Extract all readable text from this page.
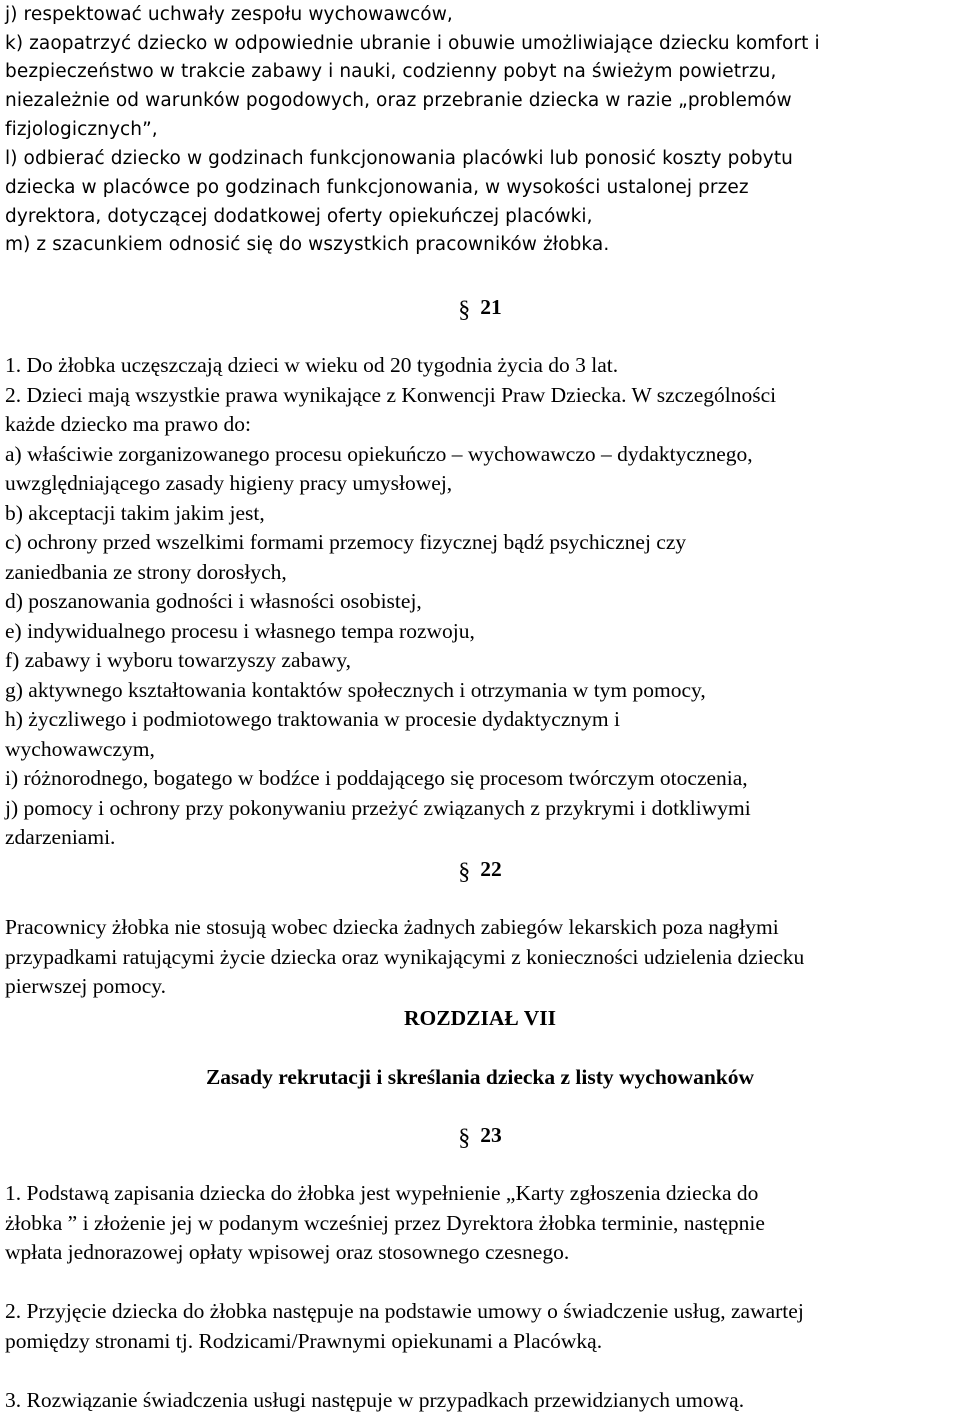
j) respektować uchwały zespołu wychowawców,
k) zaopatrzyć dziecko w odpowiednie ubranie i obuwie umożliwiające dziecku komfort i
bezpieczeństwo w trakcie zabawy i nauki, codzienny pobyt na świeżym powietrzu,
niezależnie od warunków pogodowych, oraz przebranie dziecka w razie „problemów
fizjologicznych”,
l) odbierać dziecko w godzinach funkcjonowania placówki lub ponosić koszty pobytu
dziecka w placówce po godzinach funkcjonowania, w wysokości ustalonej przez
dyrektora, dotyczącej dodatkowej oferty opiekuńczej placówki,
m) z szacunkiem odnosić się do wszystkich pracowników żłobka.
§ 21
1. Do żłobka uczęszczają dzieci w wieku od 20 tygodnia życia do 3 lat.
2. Dzieci mają wszystkie prawa wynikające z Konwencji Praw Dziecka. W szczególności
każde dziecko ma prawo do:
a) właściwie zorganizowanego procesu opiekuńczo – wychowawczo – dydaktycznego,
uwzględniającego zasady higieny pracy umysłowej,
b) akceptacji takim jakim jest,
c) ochrony przed wszelkimi formami przemocy fizycznej bądź psychicznej czy
zaniedbania ze strony dorosłych,
d) poszanowania godności i własności osobistej,
e) indywidualnego procesu i własnego tempa rozwoju,
f) zabawy i wyboru towarzyszy zabawy,
g) aktywnego kształtowania kontaktów społecznych i otrzymania w tym pomocy,
h) życzliwego i podmiotowego traktowania w procesie dydaktycznym i
wychowawczym,
i) różnorodnego, bogatego w bodźce i poddającego się procesom twórczym otoczenia,
j) pomocy i ochrony przy pokonywaniu przeżyć związanych z przykrymi i dotkliwymi
zdarzeniami.
§ 22
Pracownicy żłobka nie stosują wobec dziecka żadnych zabiegów lekarskich poza nagłymi
przypadkami ratującymi życie dziecka oraz wynikającymi z konieczności udzielenia dziecku
pierwszej pomocy.
ROZDZIAŁ VII
Zasady rekrutacji i skreślania dziecka z listy wychowanków
§ 23
1. Podstawą zapisania dziecka do żłobka jest wypełnienie „Karty zgłoszenia dziecka do
żłobka ” i złożenie jej w podanym wcześniej przez Dyrektora żłobka terminie, następnie
wpłata jednorazowej opłaty wpisowej oraz stosownego czesnego.
2. Przyjęcie dziecka do żłobka następuje na podstawie umowy o świadczenie usług, zawartej
pomiędzy stronami tj. Rodzicami/Prawnymi opiekunami a Placówką.
3. Rozwiązanie świadczenia usługi następuje w przypadkach przewidzianych umową.
